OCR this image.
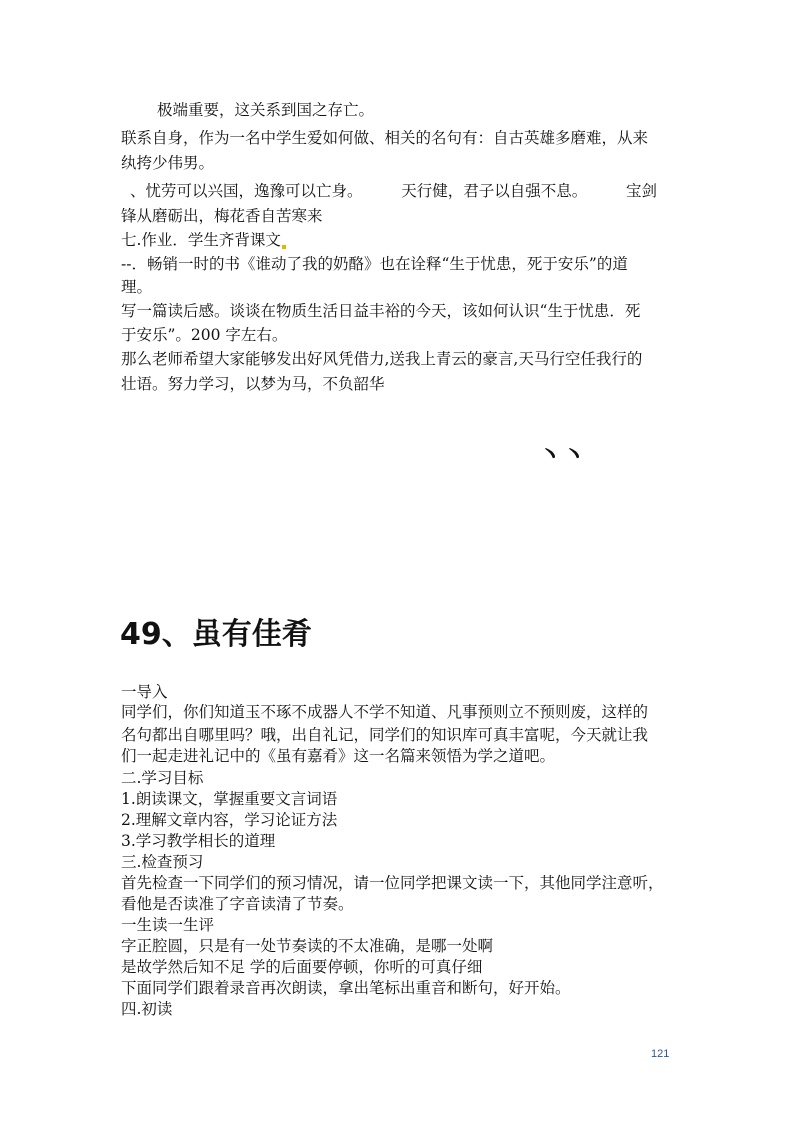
极端重要，这关系到国之存亡。
联系自身，作为一名中学生爱如何做、相关的名句有：自古英雄多磨难，从来
纨挎少伟男。
、忧劳可以兴国，逸豫可以亡身。　　　天行健，君子以自强不息。　　　宝剑
锋从磨砺出，梅花香自苦寒来
七.作业．学生齐背课文
--．畅销一时的书《谁动了我的奶酪》也在诠释“生于忧患，死于安乐”的道
理。
写一篇读后感。谈谈在物质生活日益丰裕的今天，该如何认识“生于忧患．死
于安乐”。200 字左右。
那么老师希望大家能够发出好风凭借力,送我上青云的豪言,天马行空任我行的
壮语。努力学习，以梦为马，不负韶华
丶丶
49、虽有佳肴
一导入
同学们，你们知道玉不琢不成器人不学不知道、凡事预则立不预则废，这样的
名句都出自哪里吗？哦，出自礼记，同学们的知识库可真丰富呢，今天就让我
们一起走进礼记中的《虽有嘉肴》这一名篇来领悟为学之道吧。
二.学习目标
1.朗读课文，掌握重要文言词语
2.理解文章内容，学习论证方法
3.学习教学相长的道理
三.检查预习
首先检查一下同学们的预习情况，请一位同学把课文读一下，其他同学注意听，
看他是否读准了字音读清了节奏。
一生读一生评
字正腔圆，只是有一处节奏读的不太准确，是哪一处啊
是故学然后知不足 学的后面要停顿，你听的可真仔细
下面同学们跟着录音再次朗读，拿出笔标出重音和断句，好开始。
四.初读
121
